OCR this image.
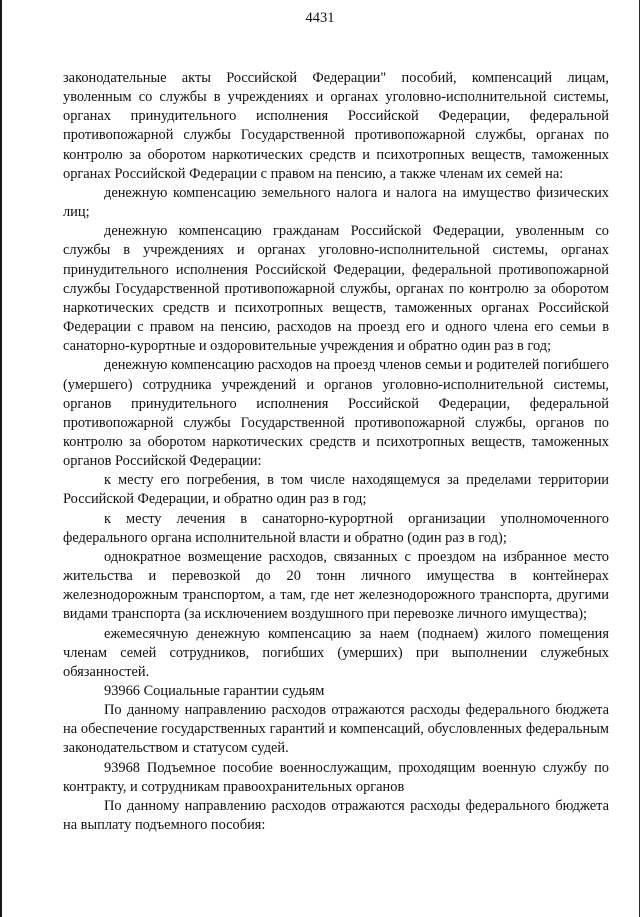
4431

законодательные акты Российской Федерации" пособий, компенсаций лицам, уволенным со службы в учреждениях и органах уголовно-исполнительной системы, органах принудительного исполнения Российской Федерации, федеральной противопожарной службы Государственной противопожарной службы, органах по контролю за оборотом наркотических средств и психотропных веществ, таможенных органах Российской Федерации с правом на пенсию, а также членам их семей на:

денежную компенсацию земельного налога и налога на имущество физических лиц;

денежную компенсацию гражданам Российской Федерации, уволенным со службы в учреждениях и органах уголовно-исполнительной системы, органах принудительного исполнения Российской Федерации, федеральной противопожарной службы Государственной противопожарной службы, органах по контролю за оборотом наркотических средств и психотропных веществ, таможенных органах Российской Федерации с правом на пенсию, расходов на проезд его и одного члена его семьи в санаторно-курортные и оздоровительные учреждения и обратно один раз в год;

денежную компенсацию расходов на проезд членов семьи и родителей погибшего (умершего) сотрудника учреждений и органов уголовно-исполнительной системы, органов принудительного исполнения Российской Федерации, федеральной противопожарной службы Государственной противопожарной службы, органов по контролю за оборотом наркотических средств и психотропных веществ, таможенных органов Российской Федерации:

к месту его погребения, в том числе находящемуся за пределами территории Российской Федерации, и обратно один раз в год;

к месту лечения в санаторно-курортной организации уполномоченного федерального органа исполнительной власти и обратно (один раз в год);

однократное возмещение расходов, связанных с проездом на избранное место жительства и перевозкой до 20 тонн личного имущества в контейнерах железнодорожным транспортом, а там, где нет железнодорожного транспорта, другими видами транспорта (за исключением воздушного при перевозке личного имущества);

ежемесячную денежную компенсацию за наем (поднаем) жилого помещения членам семей сотрудников, погибших (умерших) при выполнении служебных обязанностей.

93966 Социальные гарантии судьям

По данному направлению расходов отражаются расходы федерального бюджета на обеспечение государственных гарантий и компенсаций, обусловленных федеральным законодательством и статусом судей.

93968 Подъемное пособие военнослужащим, проходящим военную службу по контракту, и сотрудникам правоохранительных органов

По данному направлению расходов отражаются расходы федерального бюджета на выплату подъемного пособия:
